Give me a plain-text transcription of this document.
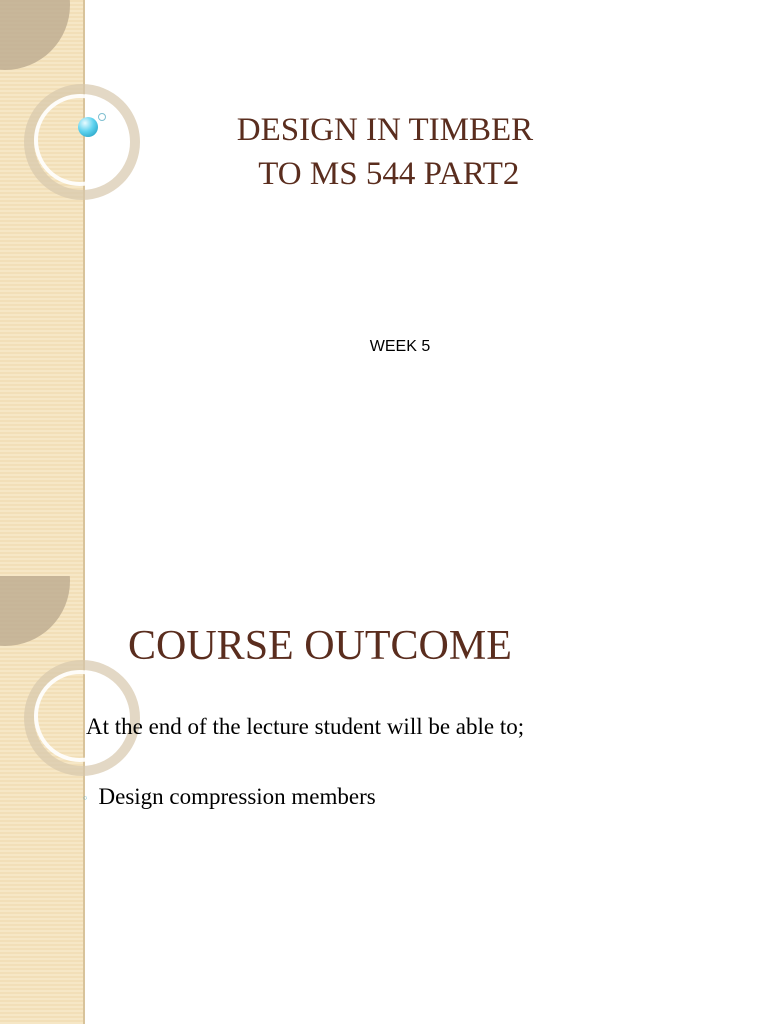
DESIGN IN TIMBER
TO MS 544 PART2

WEEK 5

COURSE OUTCOME

At the end of the lecture student will be able to;

◦ Design compression members
